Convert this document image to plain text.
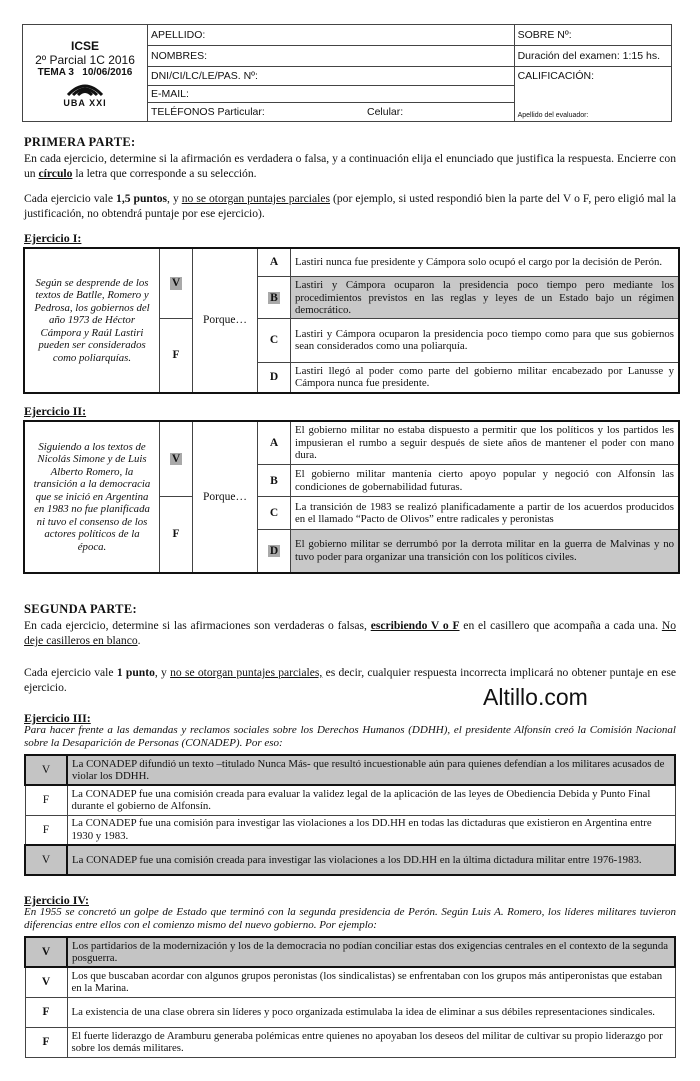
ICSE
2º Parcial 1C 2016
TEMA 3 10/06/2016
UBA XXI	APELLIDO:		SOBRE Nº:
	NOMBRES:		Duración del examen: 1:15 hs.
	DNI/CI/LC/LE/PAS. Nº:		CALIFICACIÓN:
Apellido del evaluador:

	E-MAIL:		
	TELÉFONOS Particular:	Celular:	
PRIMERA PARTE:
En cada ejercicio, determine si la afirmación es verdadera o falsa, y a continuación elija el enunciado que justifica la respuesta. Encierre con un círculo la letra que corresponde a su selección.
Cada ejercicio vale 1,5 puntos, y no se otorgan puntajes parciales (por ejemplo, si usted respondió bien la parte del V o F, pero eligió mal la justificación, no obtendrá puntaje por ese ejercicio).
Ejercicio I:
Según se desprende de los textos de Batlle, Romero y Pedrosa, los gobiernos del año 1973 de Héctor Cámpora y Raúl Lastiri pueden ser considerados como poliarquías.	V	Porque…	A	Lastiri nunca fue presidente y Cámpora solo ocupó el cargo por la decisión de Perón.
			B	Lastiri y Cámpora ocuparon la presidencia poco tiempo pero mediante los procedimientos previstos en las reglas y leyes de un Estado bajo un régimen democrático.
	F		C	Lastiri y Cámpora ocuparon la presidencia poco tiempo como para que sus gobiernos sean considerados como una poliarquía.
			D	Lastiri llegó al poder como parte del gobierno militar encabezado por Lanusse y Cámpora nunca fue presidente.
Ejercicio II:
Siguiendo a los textos de Nicolás Simone y de Luis Alberto Romero, la transición a la democracia que se inició en Argentina en 1983 no fue planificada ni tuvo el consenso de los actores políticos de la época.	V	Porque…	A	El gobierno militar no estaba dispuesto a permitir que los políticos y los partidos les impusieran el rumbo a seguir después de siete años de mantener el poder con mano dura.
			B	El gobierno militar mantenía cierto apoyo popular y negoció con Alfonsín las condiciones de gobernabilidad futuras.
	F		C	La transición de 1983 se realizó planificadamente a partir de los acuerdos producidos en el llamado “Pacto de Olivos” entre radicales y peronistas
			D	El gobierno militar se derrumbó por la derrota militar en la guerra de Malvinas y no tuvo poder para organizar una transición con los políticos civiles.
SEGUNDA PARTE:
En cada ejercicio, determine si las afirmaciones son verdaderas o falsas, escribiendo V o F en el casillero que acompaña a cada una. No deje casilleros en blanco.
Cada ejercicio vale 1 punto, y no se otorgan puntajes parciales, es decir, cualquier respuesta incorrecta implicará no obtener puntaje en ese ejercicio.	Altillo.com
Ejercicio III:
Para hacer frente a las demandas y reclamos sociales sobre los Derechos Humanos (DDHH), el presidente Alfonsín creó la Comisión Nacional sobre la Desaparición de Personas (CONADEP). Por eso:
V	La CONADEP difundió un texto –titulado Nunca Más- que resultó incuestionable aún para quienes defendían a los militares acusados de violar los DDHH.
F	La CONADEP fue una comisión creada para evaluar la validez legal de la aplicación de las leyes de Obediencia Debida y Punto Final durante el gobierno de Alfonsín.
F	La CONADEP fue una comisión para investigar las violaciones a los DD.HH en todas las dictaduras que existieron en Argentina entre 1930 y 1983.
V	La CONADEP fue una comisión creada para investigar las violaciones a los DD.HH en la última dictadura militar entre 1976-1983.
Ejercicio IV:
En 1955 se concretó un golpe de Estado que terminó con la segunda presidencia de Perón. Según Luis A. Romero, los líderes militares tuvieron diferencias entre ellos con el comienzo mismo del nuevo gobierno. Por ejemplo:
V	Los partidarios de la modernización y los de la democracia no podían conciliar estas dos exigencias centrales en el contexto de la segunda posguerra.
V	Los que buscaban acordar con algunos grupos peronistas (los sindicalistas) se enfrentaban con los grupos más antiperonistas que estaban en la Marina.
F	La existencia de una clase obrera sin líderes y poco organizada estimulaba la idea de eliminar a sus débiles representaciones sindicales.
F	El fuerte liderazgo de Aramburu generaba polémicas entre quienes no apoyaban los deseos del militar de cultivar su propio liderazgo por sobre los demás militares.
